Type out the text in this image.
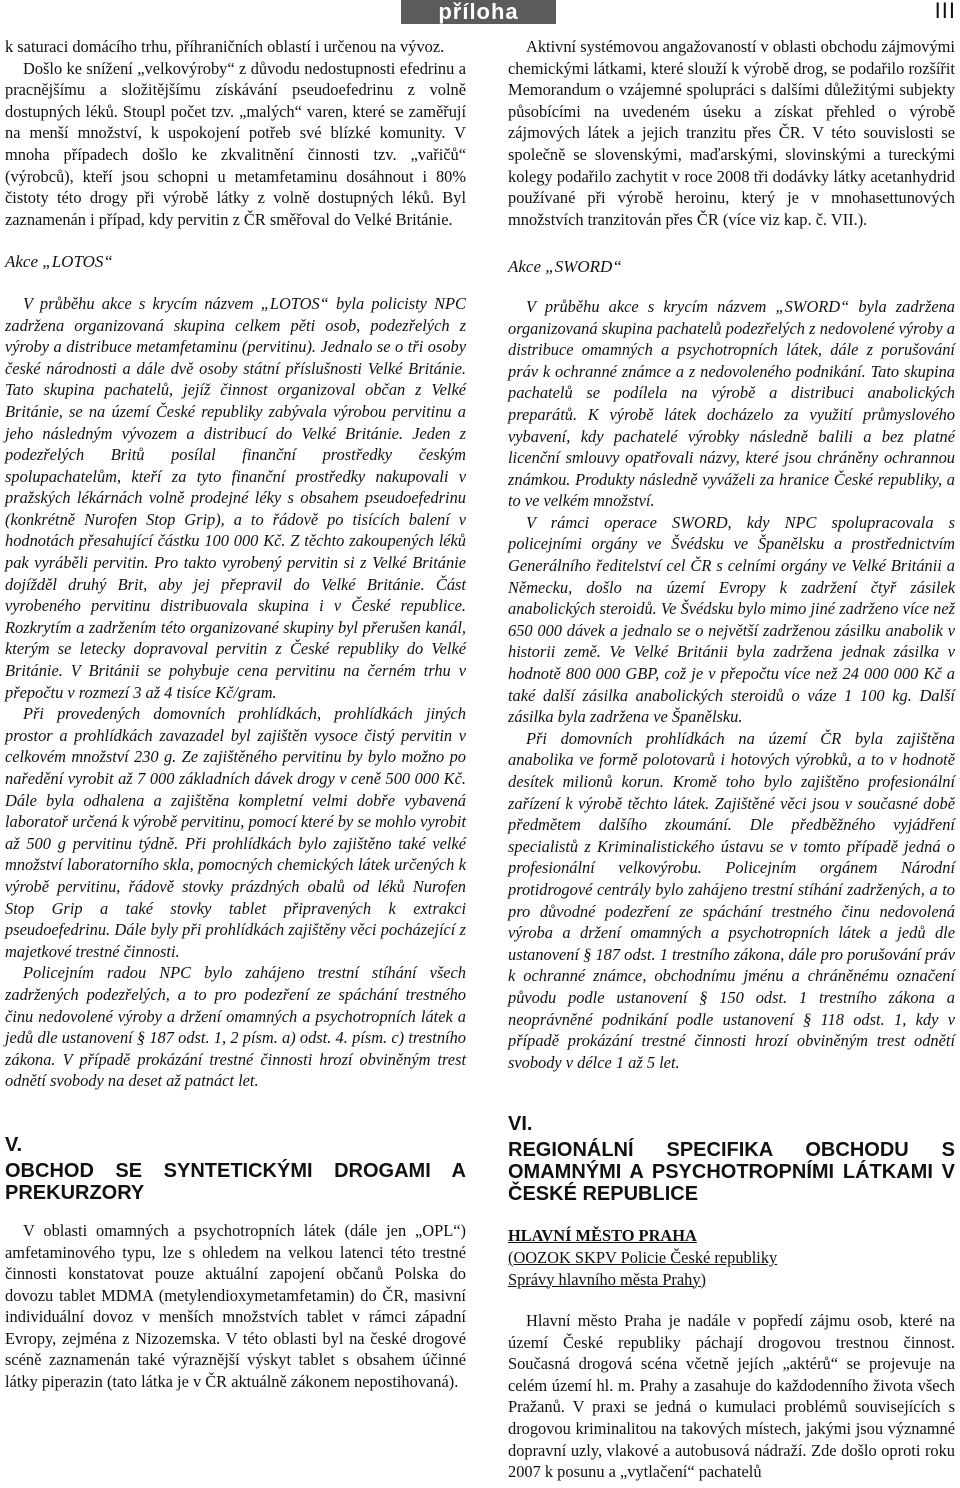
příloha	III

k saturaci domácího trhu, příhraničních oblastí i určenou na vývoz.

Došlo ke snížení „velkovýroby“ z důvodu nedostupnosti efedrinu a pracnějšímu a složitějšímu získávání pseudoefedrinu z volně dostupných léků. Stoupl počet tzv. „malých“ varen, které se zaměřují na menší množství, k uspokojení potřeb své blízké komunity. V mnoha případech došlo ke zkvalitnění činnosti tzv. „vařičů“ (výrobců), kteří jsou schopni u metamfetaminu dosáhnout i 80% čistoty této drogy při výrobě látky z volně dostupných léků. Byl zaznamenán i případ, kdy pervitin z ČR směřoval do Velké Británie.

Akce „LOTOS“

V průběhu akce s krycím názvem „LOTOS“ byla policisty NPC zadržena organizovaná skupina celkem pěti osob, podezřelých z výroby a distribuce metamfetaminu (pervitinu). Jednalo se o tři osoby české národnosti a dále dvě osoby státní příslušnosti Velké Británie. Tato skupina pachatelů, jejíž činnost organizoval občan z Velké Británie, se na území České republiky zabývala výrobou pervitinu a jeho následným vývozem a distribucí do Velké Británie. Jeden z podezřelých Britů posílal finanční prostředky českým spolupachatelům, kteří za tyto finanční prostředky nakupovali v pražských lékárnách volně prodejné léky s obsahem pseudoefedrinu (konkrétně Nurofen Stop Grip), a to řádově po tisících balení v hodnotách přesahující částku 100 000 Kč. Z těchto zakoupených léků pak vyráběli pervitin. Pro takto vyrobený pervitin si z Velké Británie dojížděl druhý Brit, aby jej přepravil do Velké Británie. Část vyrobeného pervitinu distribuovala skupina i v České republice. Rozkrytím a zadržením této organizované skupiny byl přerušen kanál, kterým se letecky dopravoval pervitin z České republiky do Velké Británie. V Británii se pohybuje cena pervitinu na černém trhu v přepočtu v rozmezí 3 až 4 tisíce Kč/gram.

Při provedených domovních prohlídkách, prohlídkách jiných prostor a prohlídkách zavazadel byl zajištěn vysoce čistý pervitin v celkovém množství 230 g. Ze zajištěného pervitinu by bylo možno po naředění vyrobit až 7 000 základních dávek drogy v ceně 500 000 Kč. Dále byla odhalena a zajištěna kompletní velmi dobře vybavená laboratoř určená k výrobě pervitinu, pomocí které by se mohlo vyrobit až 500 g pervitinu týdně. Při prohlídkách bylo zajištěno také velké množství laboratorního skla, pomocných chemických látek určených k výrobě pervitinu, řádově stovky prázdných obalů od léků Nurofen Stop Grip a také stovky tablet připravených k extrakci pseudoefedrinu. Dále byly při prohlídkách zajištěny věci pocházející z majetkové trestné činnosti.

Policejním radou NPC bylo zahájeno trestní stíhání všech zadržených podezřelých, a to pro podezření ze spáchání trestného činu nedovolené výroby a držení omamných a psychotropních látek a jedů dle ustanovení § 187 odst. 1, 2 písm. a) odst. 4. písm. c) trestního zákona. V případě prokázání trestné činnosti hrozí obviněným trest odnětí svobody na deset až patnáct let.

V.

OBCHOD SE SYNTETICKÝMI DROGAMI A PREKURZORY

V oblasti omamných a psychotropních látek (dále jen „OPL“) amfetaminového typu, lze s ohledem na velkou latenci této trestné činnosti konstatovat pouze aktuální zapojení občanů Polska do dovozu tablet MDMA (metylendioxymetamfetamin) do ČR, masivní individuální dovoz v menších množstvích tablet v rámci západní Evropy, zejména z Nizozemska. V této oblasti byl na české drogové scéně zaznamenán také výraznější výskyt tablet s obsahem účinné látky piperazin (tato látka je v ČR aktuálně zákonem nepostihovaná).

Aktivní systémovou angažovaností v oblasti obchodu zájmovými chemickými látkami, které slouží k výrobě drog, se podařilo rozšířit Memorandum o vzájemné spolupráci s dalšími důležitými subjekty působícími na uvedeném úseku a získat přehled o výrobě zájmových látek a jejich tranzitu přes ČR. V této souvislosti se společně se slovenskými, maďarskými, slovinskými a tureckými kolegy podařilo zachytit v roce 2008 tři dodávky látky acetanhydrid používané při výrobě heroinu, který je v mnohasettunových množstvích tranzitován přes ČR (více viz kap. č. VII.).

Akce „SWORD“

V průběhu akce s krycím názvem „SWORD“ byla zadržena organizovaná skupina pachatelů podezřelých z nedovolené výroby a distribuce omamných a psychotropních látek, dále z porušování práv k ochranné známce a z nedovoleného podnikání. Tato skupina pachatelů se podílela na výrobě a distribuci anabolických preparátů. K výrobě látek docházelo za využití průmyslového vybavení, kdy pachatelé výrobky následně balili a bez platné licenční smlouvy opatřovali názvy, které jsou chráněny ochrannou známkou. Produkty následně vyváželi za hranice České republiky, a to ve velkém množství.

V rámci operace SWORD, kdy NPC spolupracovala s policejními orgány ve Švédsku ve Španělsku a prostřednictvím Generálního ředitelství cel ČR s celními orgány ve Velké Británii a Německu, došlo na území Evropy k zadržení čtyř zásilek anabolických steroidů. Ve Švédsku bylo mimo jiné zadrženo více než 650 000 dávek a jednalo se o největší zadrženou zásilku anabolik v historii země. Ve Velké Británii byla zadržena jednak zásilka v hodnotě 800 000 GBP, což je v přepočtu více než 24 000 000 Kč a také další zásilka anabolických steroidů o váze 1 100 kg. Další zásilka byla zadržena ve Španělsku.

Při domovních prohlídkách na území ČR byla zajištěna anabolika ve formě polotovarů i hotových výrobků, a to v hodnotě desítek milionů korun. Kromě toho bylo zajištěno profesionální zařízení k výrobě těchto látek. Zajištěné věci jsou v současné době předmětem dalšího zkoumání. Dle předběžného vyjádření specialistů z Kriminalistického ústavu se v tomto případě jedná o profesionální velkovýrobu. Policejním orgánem Národní protidrogové centrály bylo zahájeno trestní stíhání zadržených, a to pro důvodné podezření ze spáchání trestného činu nedovolená výroba a držení omamných a psychotropních látek a jedů dle ustanovení § 187 odst. 1 trestního zákona, dále pro porušování práv k ochranné známce, obchodnímu jménu a chráněnému označení původu podle ustanovení § 150 odst. 1 trestního zákona a neoprávněné podnikání podle ustanovení § 118 odst. 1, kdy v případě prokázání trestné činnosti hrozí obviněným trest odnětí svobody v délce 1 až 5 let.

VI.

REGIONÁLNÍ SPECIFIKA OBCHODU S OMAMNÝMI A PSYCHOTROPNÍMI LÁTKAMI V ČESKÉ REPUBLICE

HLAVNÍ MĚSTO PRAHA

(OOZOK SKPV Policie České republiky

Správy hlavního města Prahy)

Hlavní město Praha je nadále v popředí zájmu osob, které na území České republiky páchají drogovou trestnou činnost. Současná drogová scéna včetně jejích „aktérů“ se projevuje na celém území hl. m. Prahy a zasahuje do každodenního života všech Pražanů. V praxi se jedná o kumulaci problémů souvisejících s drogovou kriminalitou na takových místech, jakými jsou významné dopravní uzly, vlakové a autobusová nádraží. Zde došlo oproti roku 2007 k posunu a „vytlačení“ pachatelů
